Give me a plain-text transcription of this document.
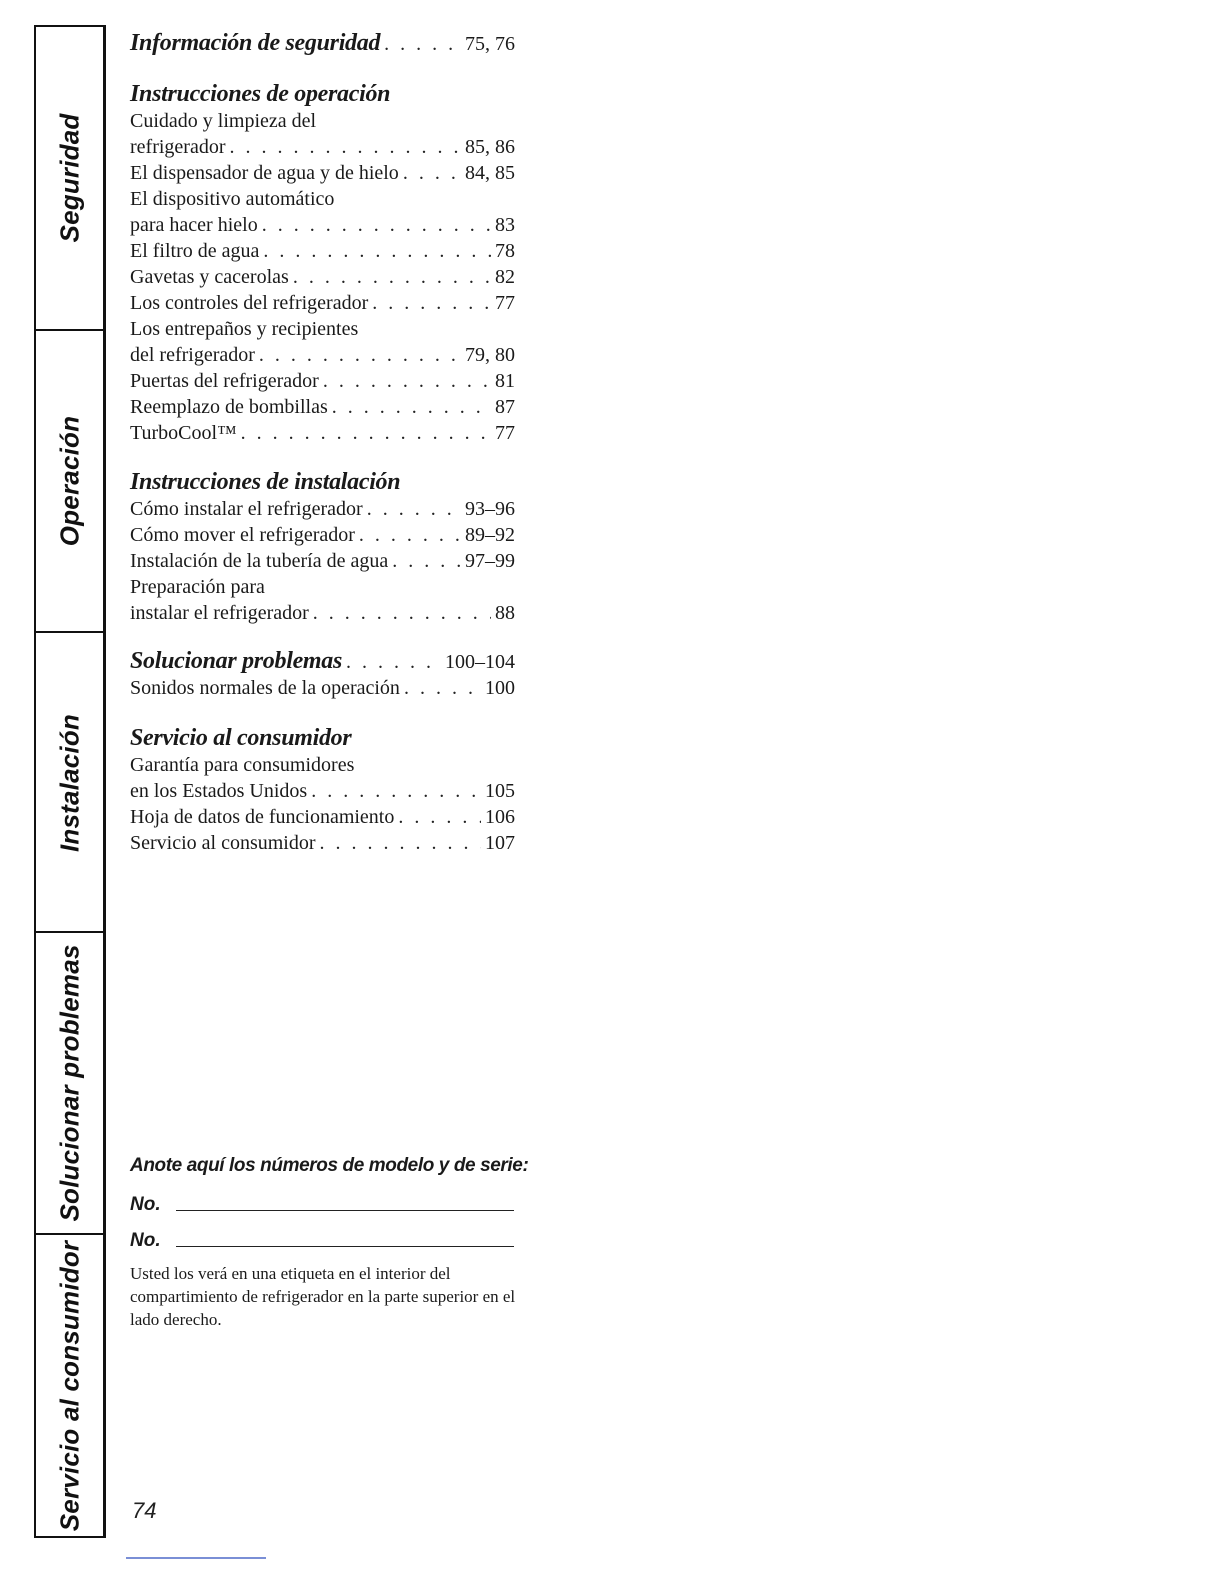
Seguridad
Operación
Instalación
Solucionar problemas
Servicio al consumidor
Información de seguridad . . .	75, 76
Instrucciones de operación
Cuidado y limpieza del
refrigerador . . .	85, 86
El dispensador de agua y de hielo . . .	84, 85
El dispositivo automático
para hacer hielo . . .	83
El filtro de agua . . .	78
Gavetas y cacerolas . . .	82
Los controles del refrigerador . . .	77
Los entrepaños y recipientes
del refrigerador . . .	79, 80
Puertas del refrigerador . . .	81
Reemplazo de bombillas . . .	87
TurboCool™ . . .	77
Instrucciones de instalación
Cómo instalar el refrigerador . . .	93–96
Cómo mover el refrigerador . . .	89–92
Instalación de la tubería de agua . . .	97–99
Preparación para
instalar el refrigerador . . .	88
Solucionar problemas . . .	100–104
Sonidos normales de la operación . . .	100
Servicio al consumidor
Garantía para consumidores
en los Estados Unidos . . .	105
Hoja de datos de funcionamiento . . .	106
Servicio al consumidor . . .	107
Anote aquí los números de modelo y de serie:
No.
No.
Usted los verá en una etiqueta en el interior del compartimiento de refrigerador en la parte superior en el lado derecho.
74
